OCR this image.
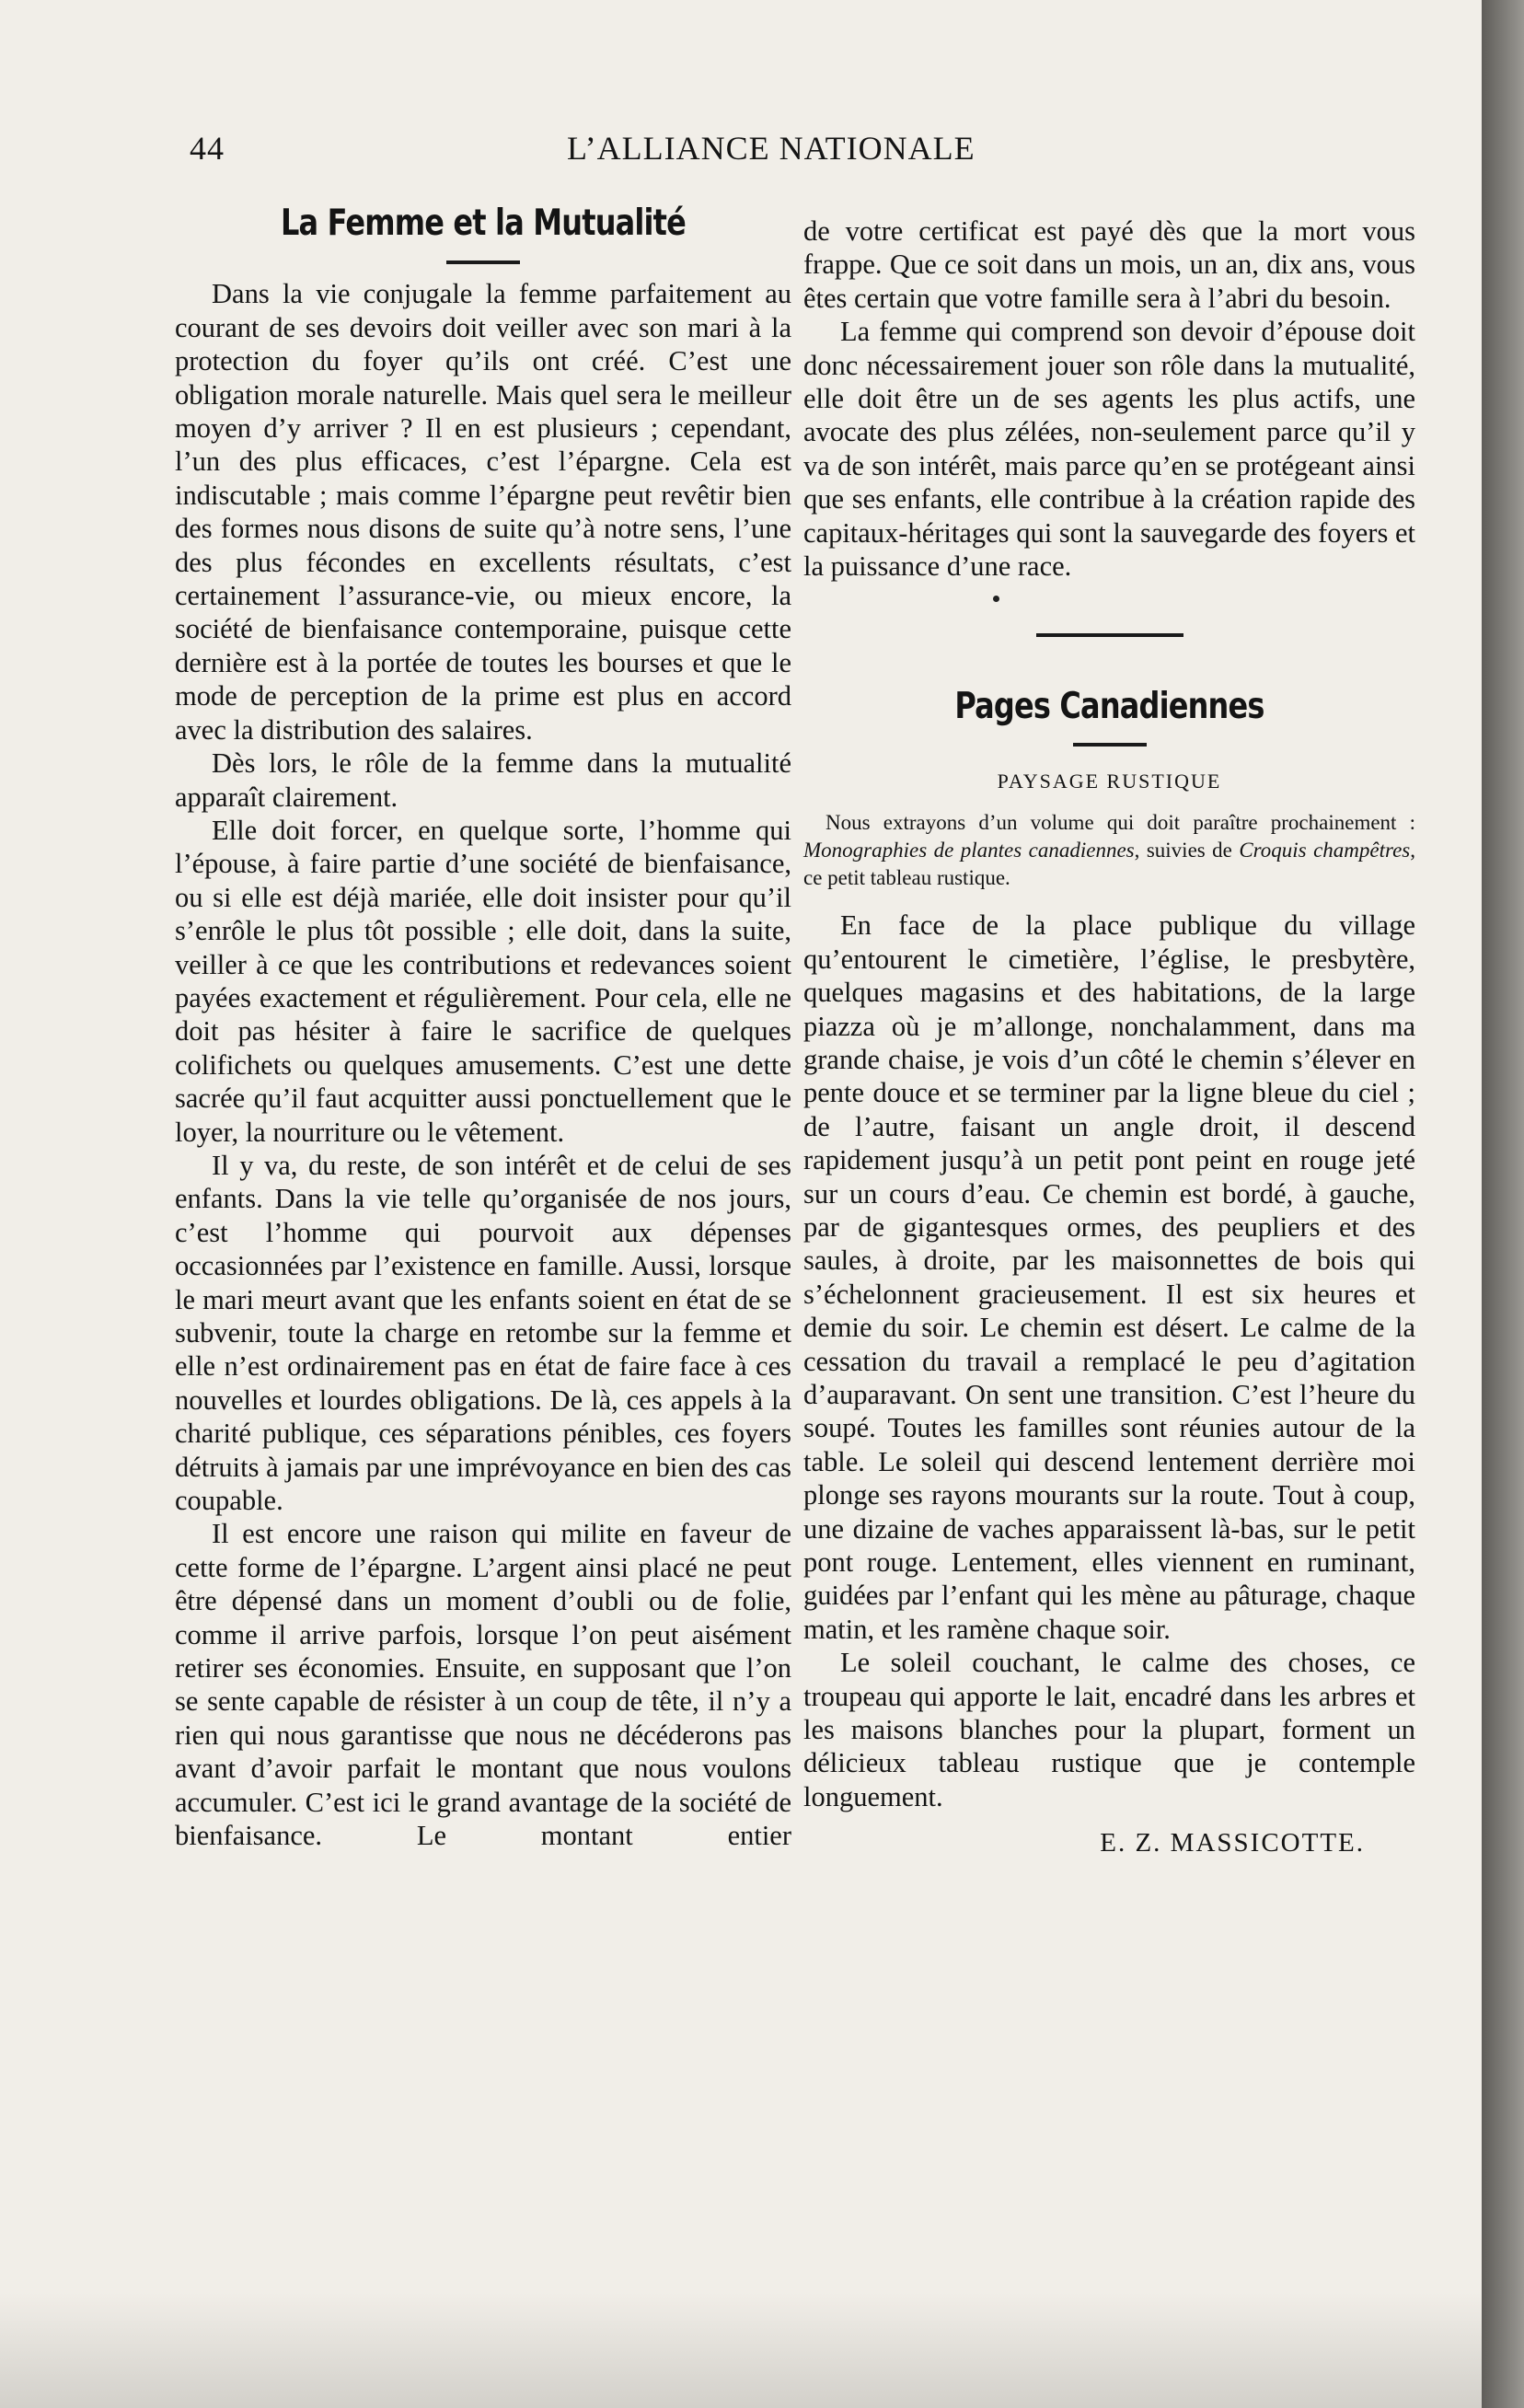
44	L’ALLIANCE NATIONALE
La Femme et la Mutualité

Dans la vie conjugale la femme parfaitement au courant de ses devoirs doit veiller avec son mari à la protection du foyer qu’ils ont créé. C’est une obligation morale naturelle. Mais quel sera le meilleur moyen d’y arriver ? Il en est plusieurs ; cependant, l’un des plus efficaces, c’est l’épargne. Cela est indiscutable ; mais comme l’épargne peut revêtir bien des formes nous disons de suite qu’à notre sens, l’une des plus fécondes en excellents résultats, c’est certainement l’assurance-vie, ou mieux encore, la société de bienfaisance contemporaine, puisque cette dernière est à la portée de toutes les bourses et que le mode de perception de la prime est plus en accord avec la distribution des salaires.

Dès lors, le rôle de la femme dans la mutualité apparaît clairement.

Elle doit forcer, en quelque sorte, l’homme qui l’épouse, à faire partie d’une société de bienfaisance, ou si elle est déjà mariée, elle doit insister pour qu’il s’enrôle le plus tôt possible ; elle doit, dans la suite, veiller à ce que les contributions et redevances soient payées exactement et régulièrement. Pour cela, elle ne doit pas hésiter à faire le sacrifice de quelques colifichets ou quelques amusements. C’est une dette sacrée qu’il faut acquitter aussi ponctuellement que le loyer, la nourriture ou le vêtement.

Il y va, du reste, de son intérêt et de celui de ses enfants. Dans la vie telle qu’organisée de nos jours, c’est l’homme qui pourvoit aux dépenses occasionnées par l’existence en famille. Aussi, lorsque le mari meurt avant que les enfants soient en état de se subvenir, toute la charge en retombe sur la femme et elle n’est ordinairement pas en état de faire face à ces nouvelles et lourdes obligations. De là, ces appels à la charité publique, ces séparations pénibles, ces foyers détruits à jamais par une imprévoyance en bien des cas coupable.

Il est encore une raison qui milite en faveur de cette forme de l’épargne. L’argent ainsi placé ne peut être dépensé dans un moment d’oubli ou de folie, comme il arrive parfois, lorsque l’on peut aisément retirer ses économies. Ensuite, en supposant que l’on se sente capable de résister à un coup de tête, il n’y a rien qui nous garantisse que nous ne décéderons pas avant d’avoir parfait le montant que nous voulons accumuler. C’est ici le grand avantage de la société de bienfaisance. Le montant entier

de votre certificat est payé dès que la mort vous frappe. Que ce soit dans un mois, un an, dix ans, vous êtes certain que votre famille sera à l’abri du besoin.

La femme qui comprend son devoir d’épouse doit donc nécessairement jouer son rôle dans la mutualité, elle doit être un de ses agents les plus actifs, une avocate des plus zélées, non-seulement parce qu’il y va de son intérêt, mais parce qu’en se protégeant ainsi que ses enfants, elle contribue à la création rapide des capitaux-héritages qui sont la sauvegarde des foyers et la puissance d’une race.

Pages Canadiennes
PAYSAGE RUSTIQUE

Nous extrayons d’un volume qui doit paraître prochainement : Monographies de plantes canadiennes, suivies de Croquis champêtres, ce petit tableau rustique.

En face de la place publique du village qu’entourent le cimetière, l’église, le presbytère, quelques magasins et des habitations, de la large piazza où je m’allonge, nonchalamment, dans ma grande chaise, je vois d’un côté le chemin s’élever en pente douce et se terminer par la ligne bleue du ciel ; de l’autre, faisant un angle droit, il descend rapidement jusqu’à un petit pont peint en rouge jeté sur un cours d’eau. Ce chemin est bordé, à gauche, par de gigantesques ormes, des peupliers et des saules, à droite, par les maisonnettes de bois qui s’échelonnent gracieusement. Il est six heures et demie du soir. Le chemin est désert. Le calme de la cessation du travail a remplacé le peu d’agitation d’auparavant. On sent une transition. C’est l’heure du soupé. Toutes les familles sont réunies autour de la table. Le soleil qui descend lentement derrière moi plonge ses rayons mourants sur la route. Tout à coup, une dizaine de vaches apparaissent là-bas, sur le petit pont rouge. Lentement, elles viennent en ruminant, guidées par l’enfant qui les mène au pâturage, chaque matin, et les ramène chaque soir.

Le soleil couchant, le calme des choses, ce troupeau qui apporte le lait, encadré dans les arbres et les maisons blanches pour la plupart, forment un délicieux tableau rustique que je contemple longuement.

E. Z. MASSICOTTE.
